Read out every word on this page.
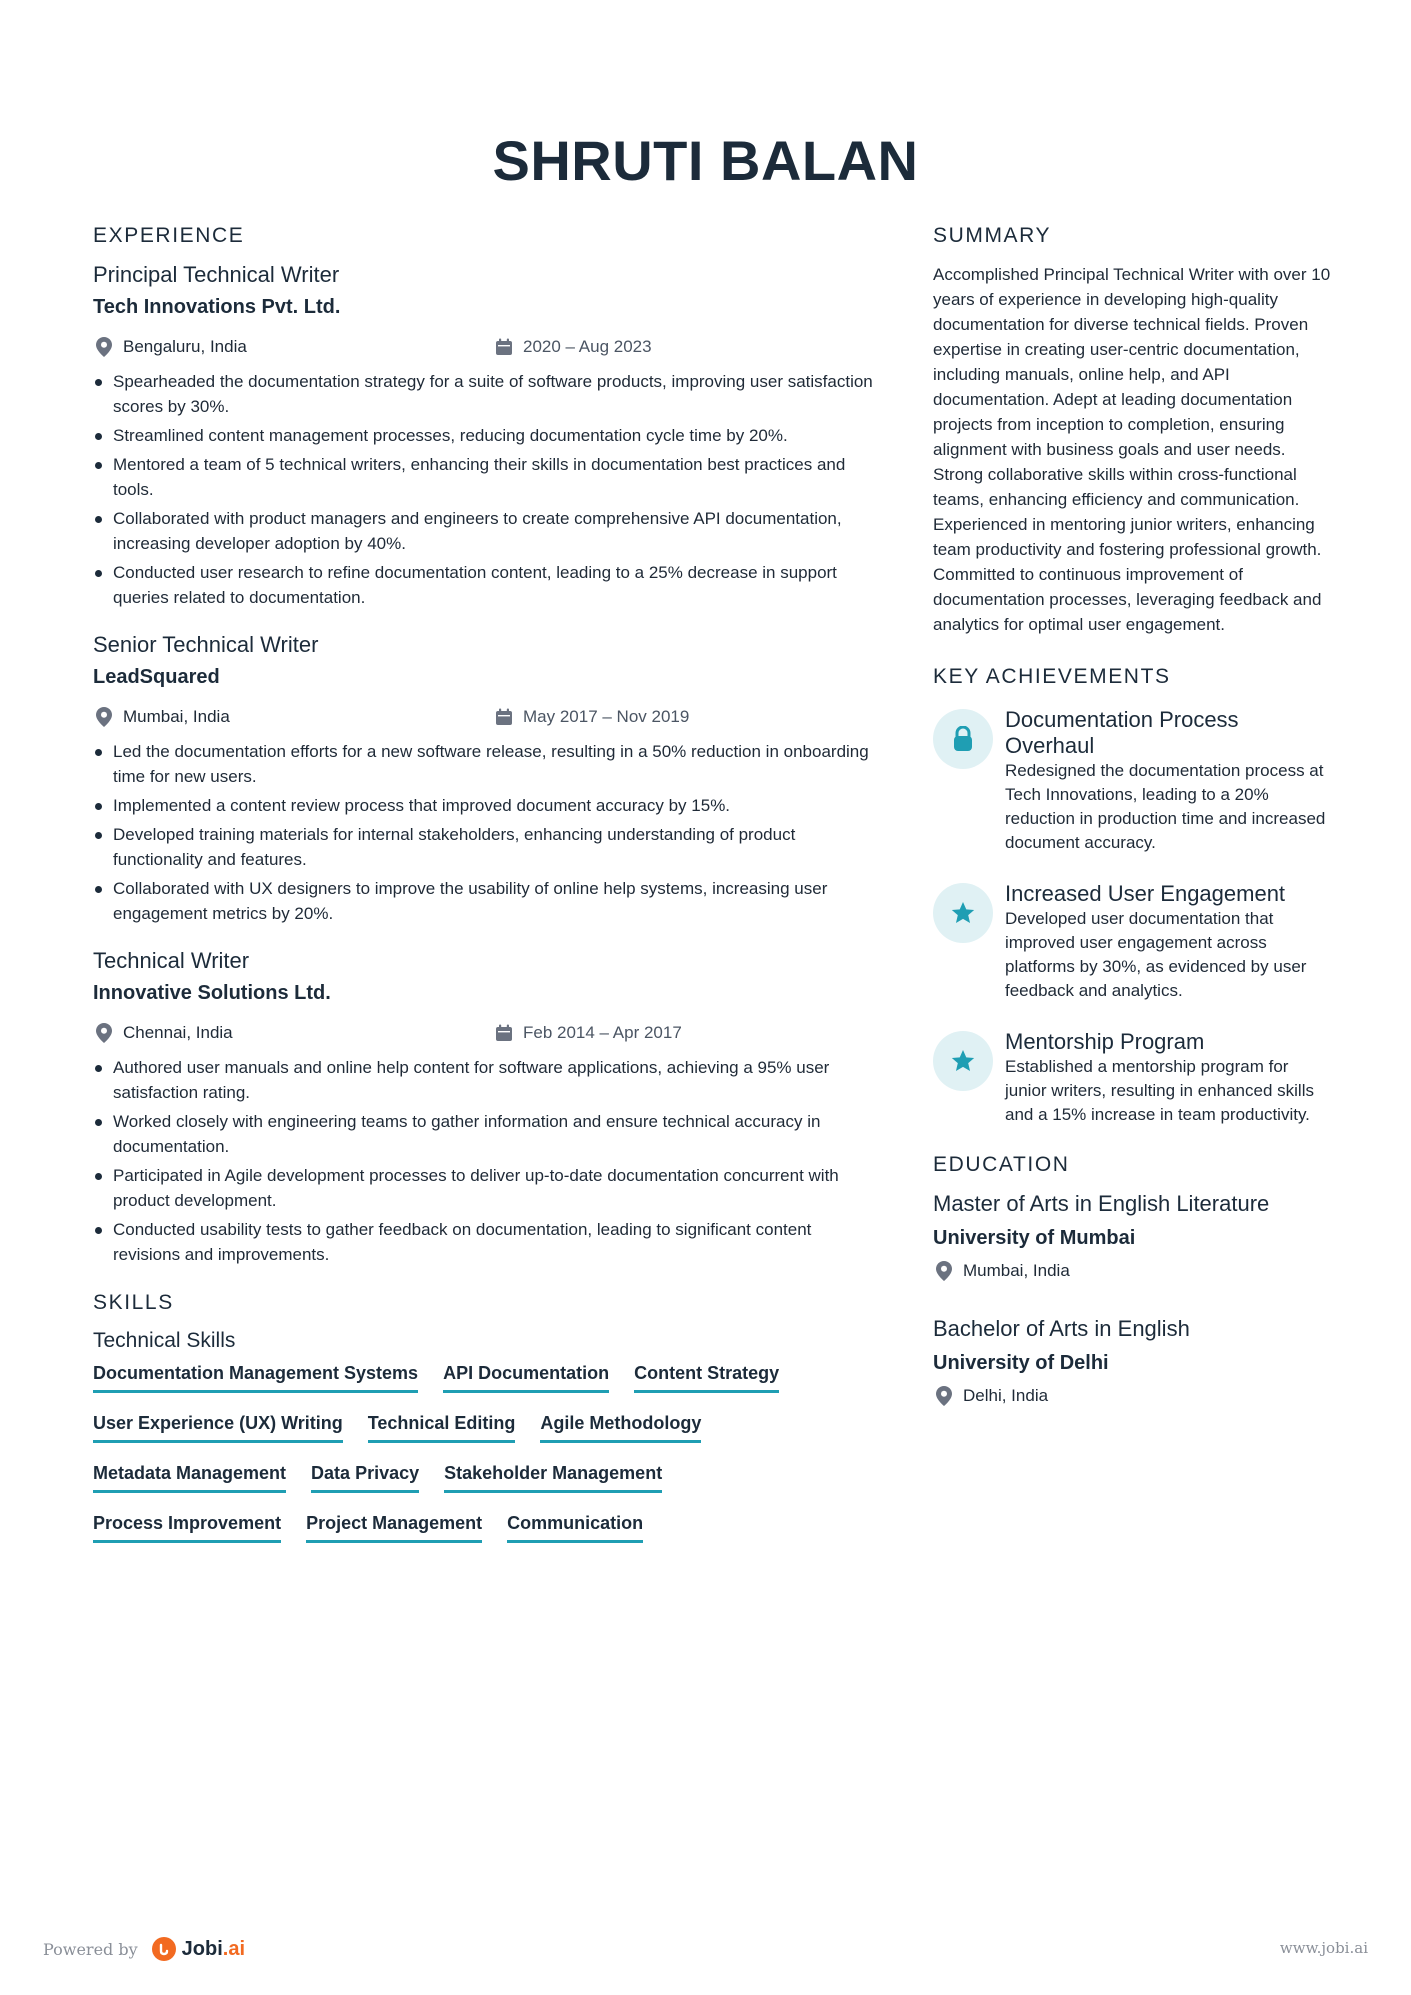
SHRUTI BALAN
EXPERIENCE
Principal Technical Writer
Tech Innovations Pvt. Ltd.
Bengaluru, India	2020 – Aug 2023
Spearheaded the documentation strategy for a suite of software products, improving user satisfaction scores by 30%.
Streamlined content management processes, reducing documentation cycle time by 20%.
Mentored a team of 5 technical writers, enhancing their skills in documentation best practices and tools.
Collaborated with product managers and engineers to create comprehensive API documentation, increasing developer adoption by 40%.
Conducted user research to refine documentation content, leading to a 25% decrease in support queries related to documentation.
Senior Technical Writer
LeadSquared
Mumbai, India	May 2017 – Nov 2019
Led the documentation efforts for a new software release, resulting in a 50% reduction in onboarding time for new users.
Implemented a content review process that improved document accuracy by 15%.
Developed training materials for internal stakeholders, enhancing understanding of product functionality and features.
Collaborated with UX designers to improve the usability of online help systems, increasing user engagement metrics by 20%.
Technical Writer
Innovative Solutions Ltd.
Chennai, India	Feb 2014 – Apr 2017
Authored user manuals and online help content for software applications, achieving a 95% user satisfaction rating.
Worked closely with engineering teams to gather information and ensure technical accuracy in documentation.
Participated in Agile development processes to deliver up-to-date documentation concurrent with product development.
Conducted usability tests to gather feedback on documentation, leading to significant content revisions and improvements.
SKILLS
Technical Skills
Documentation Management Systems API Documentation Content Strategy
User Experience (UX) Writing Technical Editing Agile Methodology
Metadata Management Data Privacy Stakeholder Management
Process Improvement Project Management Communication
SUMMARY
Accomplished Principal Technical Writer with over 10 years of experience in developing high-quality documentation for diverse technical fields. Proven expertise in creating user-centric documentation, including manuals, online help, and API documentation. Adept at leading documentation projects from inception to completion, ensuring alignment with business goals and user needs. Strong collaborative skills within cross-functional teams, enhancing efficiency and communication. Experienced in mentoring junior writers, enhancing team productivity and fostering professional growth. Committed to continuous improvement of documentation processes, leveraging feedback and analytics for optimal user engagement.
KEY ACHIEVEMENTS
Documentation Process Overhaul
Redesigned the documentation process at Tech Innovations, leading to a 20% reduction in production time and increased document accuracy.
Increased User Engagement
Developed user documentation that improved user engagement across platforms by 30%, as evidenced by user feedback and analytics.
Mentorship Program
Established a mentorship program for junior writers, resulting in enhanced skills and a 15% increase in team productivity.
EDUCATION
Master of Arts in English Literature
University of Mumbai
Mumbai, India
Bachelor of Arts in English
University of Delhi
Delhi, India
Powered by Jobi.ai	www.jobi.ai
